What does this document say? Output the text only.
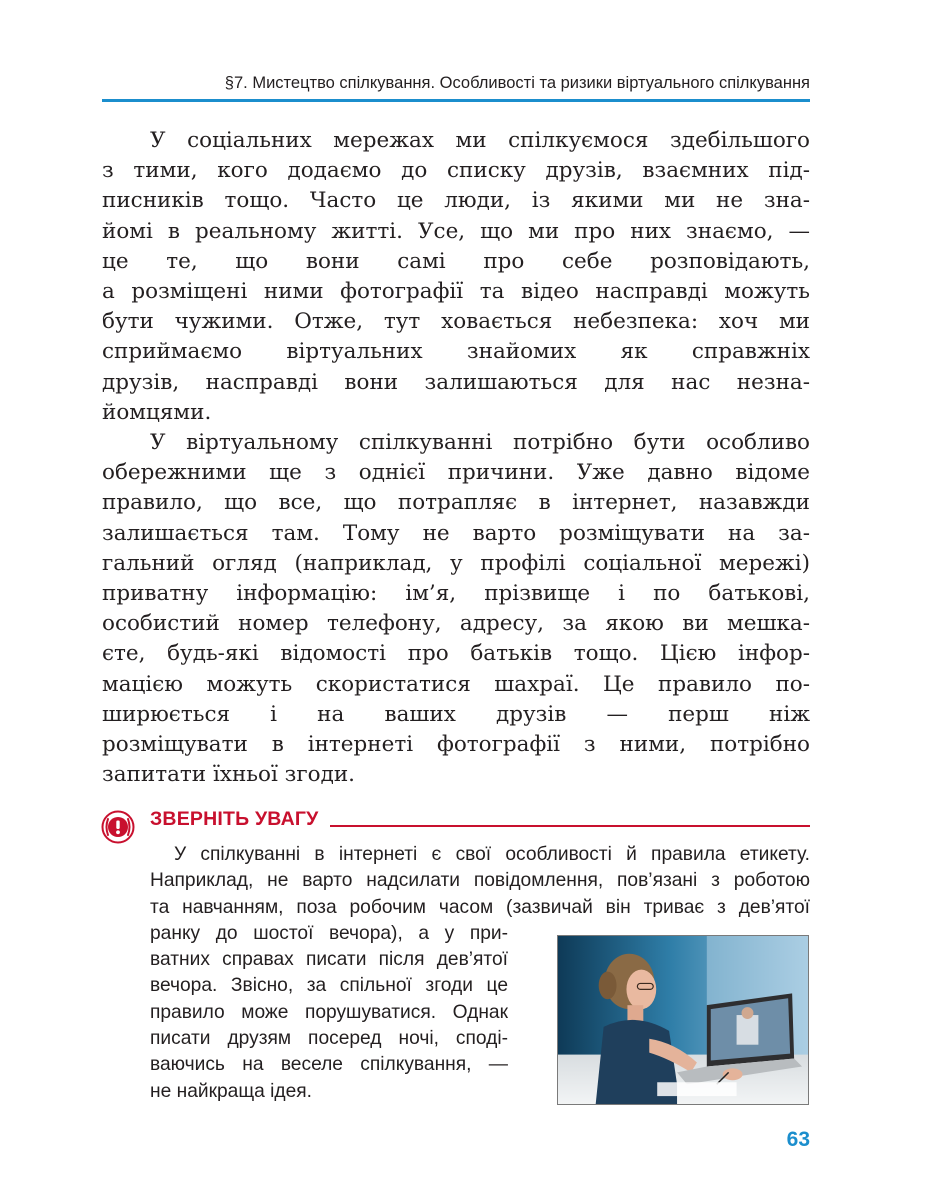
§7. Мистецтво спілкування. Особливості та ризики віртуального спілкування
У соціальних мережах ми спілкуємося здебільшого
з тими, кого додаємо до списку друзів, взаємних під-
писників тощо. Часто це люди, із якими ми не зна-
йомі в реальному житті. Усе, що ми про них знаємо, —
це те, що вони самі про себе розповідають,
а розміщені ними фотографії та відео насправді можуть
бути чужими. Отже, тут ховається небезпека: хоч ми
сприймаємо віртуальних знайомих як справжніх
друзів, насправді вони залишаються для нас незна-
йомцями.
У віртуальному спілкуванні потрібно бути особливо
обережними ще з однієї причини. Уже давно відоме
правило, що все, що потрапляє в інтернет, назавжди
залишається там. Тому не варто розміщувати на за-
гальний огляд (наприклад, у профілі соціальної мережі)
приватну інформацію: ім’я, прізвище і по батькові,
особистий номер телефону, адресу, за якою ви мешка-
єте, будь-які відомості про батьків тощо. Цією інфор-
мацією можуть скористатися шахраї. Це правило по-
ширюється і на ваших друзів — перш ніж
розміщувати в інтернеті фотографії з ними, потрібно
запитати їхньої згоди.
ЗВЕРНІТЬ УВАГУ
У спілкуванні в інтернеті є свої особливості й правила етикету.
Наприклад, не варто надсилати повідомлення, пов’язані з роботою
та навчанням, поза робочим часом (зазвичай він триває з дев’ятої
ранку до шостої вечора), а у при-
ватних справах писати після дев’ятої
вечора. Звісно, за спільної згоди це
правило може порушуватися. Однак
писати друзям посеред ночі, споді-
ваючись на веселе спілкування, —
не найкраща ідея.
63
